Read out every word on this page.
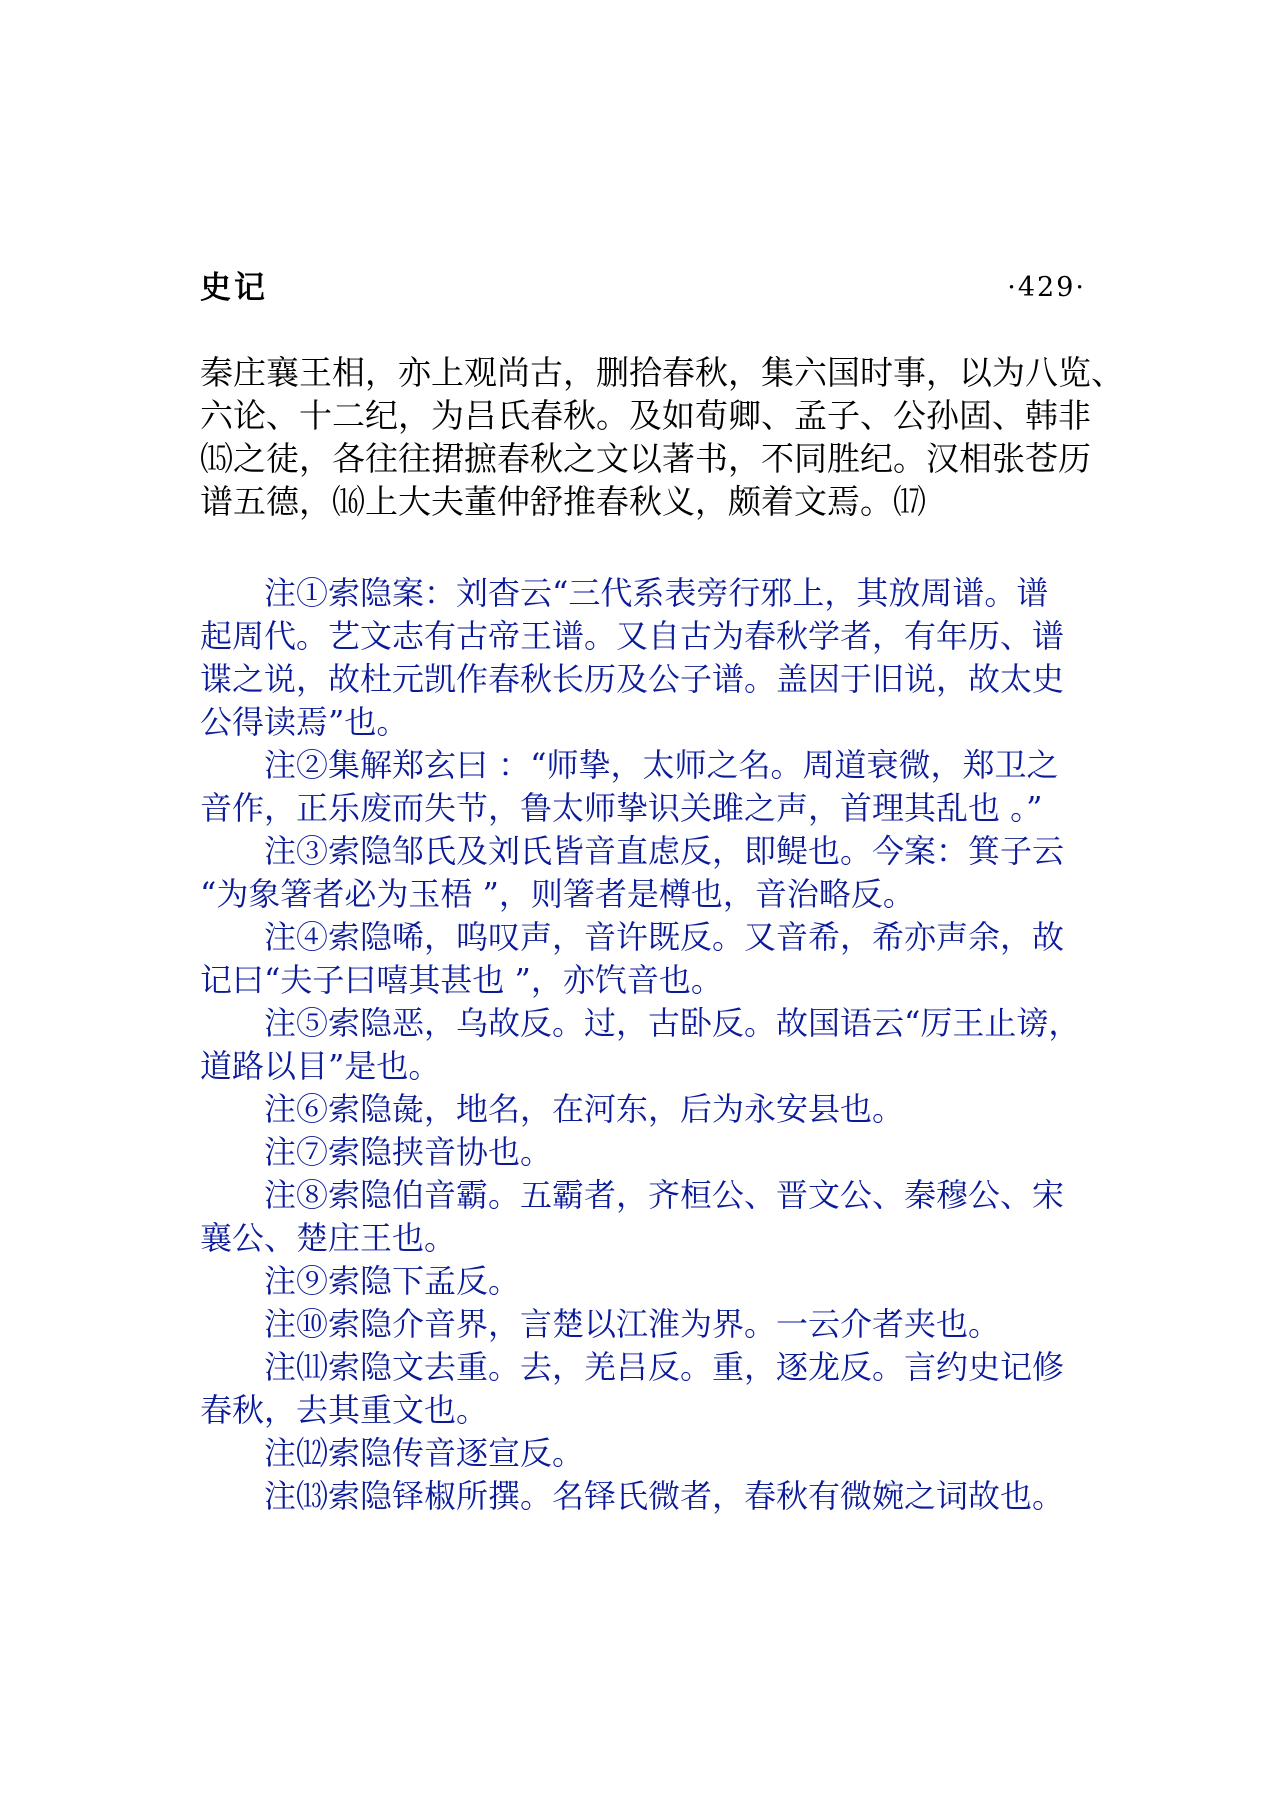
史记	·429·
秦庄襄王相，亦上观尚古，删拾春秋，集六国时事，以为八览、
六论、十二纪，为吕氏春秋。及如荀卿、孟子、公孙固、韩非
⒂之徒，各往往捃摭春秋之文以著书，不同胜纪。汉相张苍历
谱五德，⒃上大夫董仲舒推春秋义，颇着文焉。⒄
注①索隐案：刘杳云“三代系表旁行邪上，其放周谱。谱
起周代。艺文志有古帝王谱。又自古为春秋学者，有年历、谱
谍之说，故杜元凯作春秋长历及公子谱。盖因于旧说，故太史
公得读焉”也。
注②集解郑玄曰 ：“师挚，太师之名。周道衰微，郑卫之
音作，正乐废而失节，鲁太师挚识关雎之声，首理其乱也 。”
注③索隐邹氏及刘氏皆音直虑反，即鳀也。今案：箕子云
“为象箸者必为玉梧 ”，则箸者是樽也，音治略反。
注④索隐唏，呜叹声，音许既反。又音希，希亦声余，故
记曰“夫子曰嘻其甚也 ”，亦饩音也。
注⑤索隐恶，乌故反。过，古卧反。故国语云“厉王止谤，
道路以目”是也。
注⑥索隐彘，地名，在河东，后为永安县也。
注⑦索隐挟音协也。
注⑧索隐伯音霸。五霸者，齐桓公、晋文公、秦穆公、宋
襄公、楚庄王也。
注⑨索隐下孟反。
注⑩索隐介音界，言楚以江淮为界。一云介者夹也。
注⑾索隐文去重。去，羌吕反。重，逐龙反。言约史记修
春秋，去其重文也。
注⑿索隐传音逐宣反。
注⒀索隐铎椒所撰。名铎氏微者，春秋有微婉之词故也。
